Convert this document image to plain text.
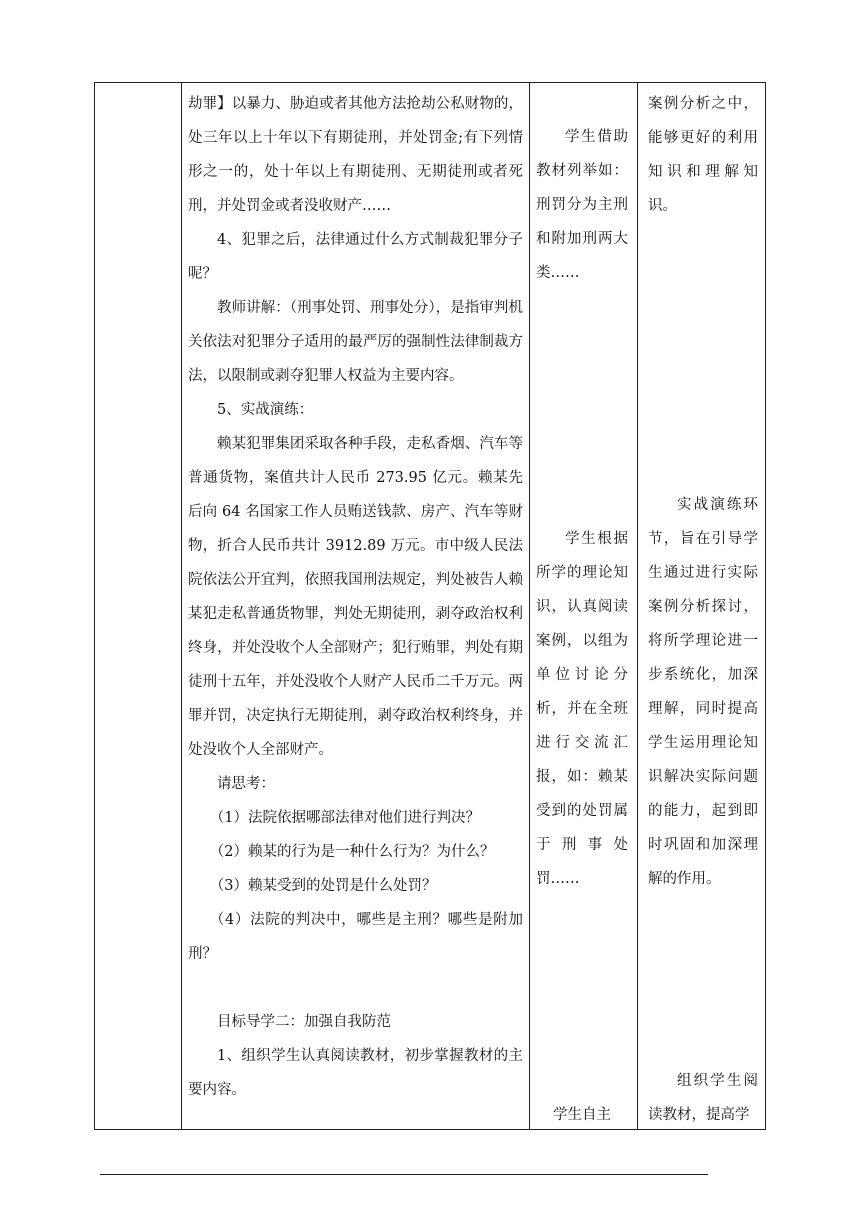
劫罪】以暴力、胁迫或者其他方法抢劫公私财物的，处三年以上十年以下有期徒刑，并处罚金;有下列情形之一的，处十年以上有期徒刑、无期徒刑或者死刑，并处罚金或者没收财产……

4、犯罪之后，法律通过什么方式制裁犯罪分子呢？

教师讲解：（刑事处罚、刑事处分），是指审判机关依法对犯罪分子适用的最严厉的强制性法律制裁方法，以限制或剥夺犯罪人权益为主要内容。

5、实战演练：

赖某犯罪集团采取各种手段，走私香烟、汽车等普通货物，案值共计人民币 273.95 亿元。赖某先后向 64 名国家工作人员贿送钱款、房产、汽车等财物，折合人民币共计 3912.89 万元。市中级人民法院依法公开宜判，依照我国刑法规定，判处被告人赖某犯走私普通货物罪，判处无期徒刑，剥夺政治权利终身，并处没收个人全部财产；犯行贿罪，判处有期徒刑十五年，并处没收个人财产人民币二千万元。两罪并罚，决定执行无期徒刑，剥夺政治权利终身，并处没收个人全部财产。

请思考：

（1）法院依据哪部法律对他们进行判决？

（2）赖某的行为是一种什么行为？为什么？

（3）赖某受到的处罚是什么处罚？

（4）法院的判决中，哪些是主刑？哪些是附加刑？

目标导学二：加强自我防范

1、组织学生认真阅读教材，初步掌握教材的主要内容。

学生借助教材列举如：刑罚分为主刑和附加刑两大类……

学生根据所学的理论知识，认真阅读案例，以组为单位讨论分析，并在全班进行交流汇报，如：赖某受到的处罚属于刑事处罚……

学生自主

案例分析之中，能够更好的利用知识和理解知识。

实战演练环节，旨在引导学生通过进行实际案例分析探讨，将所学理论进一步系统化，加深理解，同时提高学生运用理论知识解决实际问题的能力，起到即时巩固和加深理解的作用。

组织学生阅读教材，提高学
